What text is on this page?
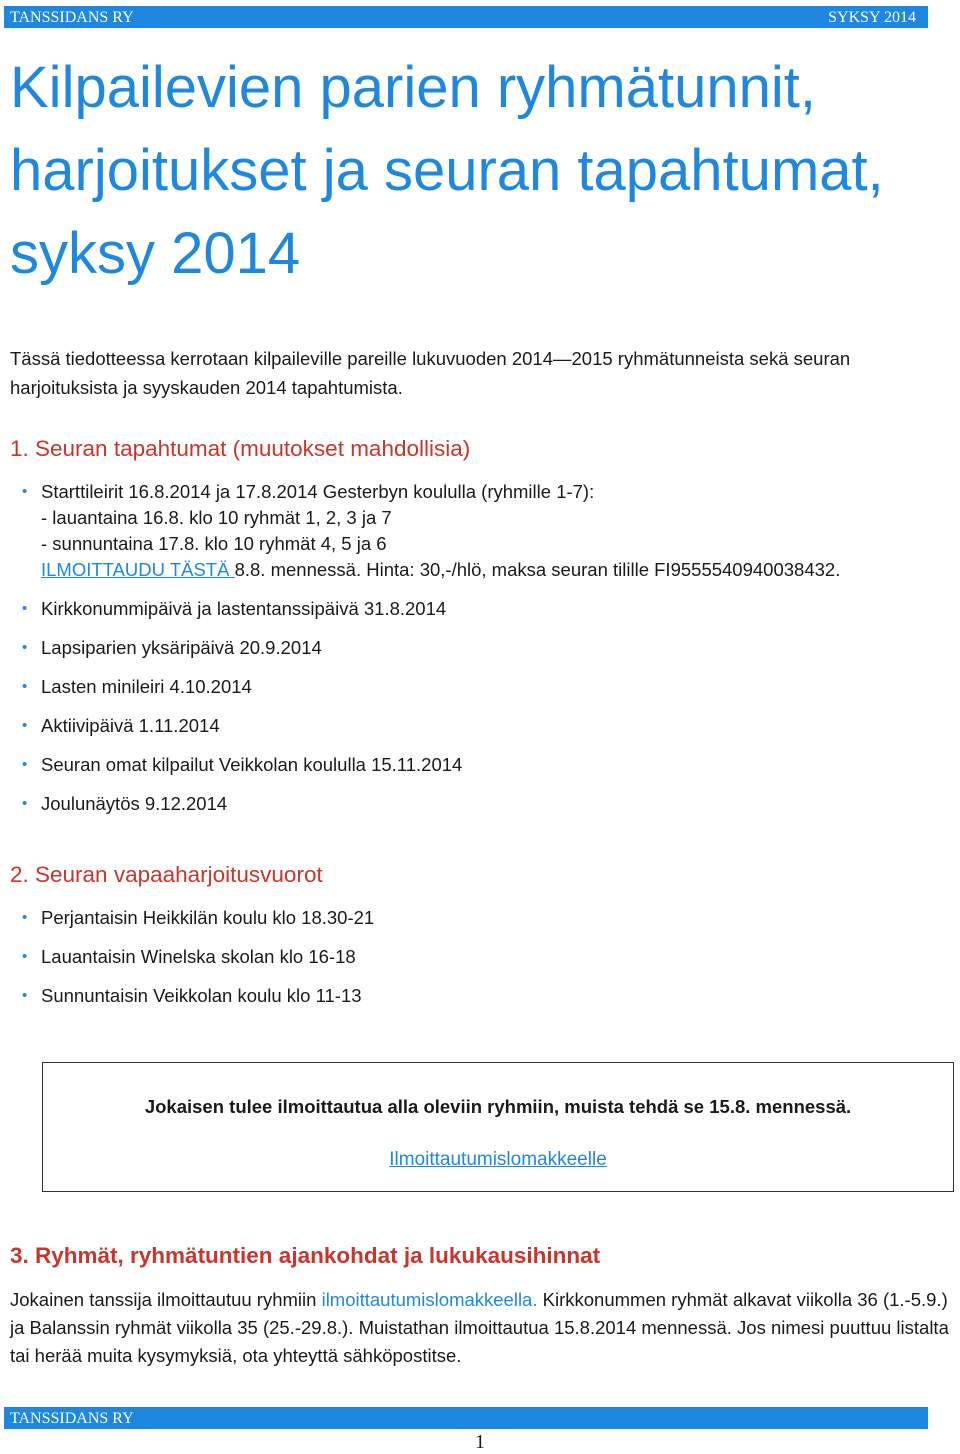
TANSSIDANS RY	SYKSY 2014
Kilpailevien parien ryhmätunnit, harjoitukset ja seuran tapahtumat, syksy 2014

Tässä tiedotteessa kerrotaan kilpaileville pareille lukuvuoden 2014—2015 ryhmätunneista sekä seuran harjoituksista ja syyskauden 2014 tapahtumista.

1. Seuran tapahtumat (muutokset mahdollisia)
• Starttileirit 16.8.2014 ja 17.8.2014 Gesterbyn koululla (ryhmille 1-7):
- lauantaina 16.8. klo 10 ryhmät 1, 2, 3 ja 7
- sunnuntaina 17.8. klo 10 ryhmät 4, 5 ja 6
ILMOITTAUDU TÄSTÄ 8.8. mennessä. Hinta: 30,-/hlö, maksa seuran tilille FI9555540940038432.
• Kirkkonummipäivä ja lastentanssipäivä 31.8.2014
• Lapsiparien yksäripäivä 20.9.2014
• Lasten minileiri 4.10.2014
• Aktiivipäivä 1.11.2014
• Seuran omat kilpailut Veikkolan koululla 15.11.2014
• Joulunäytös 9.12.2014
2. Seuran vapaaharjoitusvuorot
• Perjantaisin Heikkilän koulu klo 18.30-21
• Lauantaisin Winelska skolan klo 16-18
• Sunnuntaisin Veikkolan koulu klo 11-13
Jokaisen tulee ilmoittautua alla oleviin ryhmiin, muista tehdä se 15.8. mennessä.
Ilmoittautumislomakkeelle
3. Ryhmät, ryhmätuntien ajankohdat ja lukukausihinnat

Jokainen tanssija ilmoittautuu ryhmiin ilmoittautumislomakkeella. Kirkkonummen ryhmät alkavat viikolla 36 (1.-5.9.) ja Balanssin ryhmät viikolla 35 (25.-29.8.). Muistathan ilmoittautua 15.8.2014 mennessä. Jos nimesi puuttuu listalta tai herää muita kysymyksiä, ota yhteyttä sähköpostitse.

TANSSIDANS RY
1
